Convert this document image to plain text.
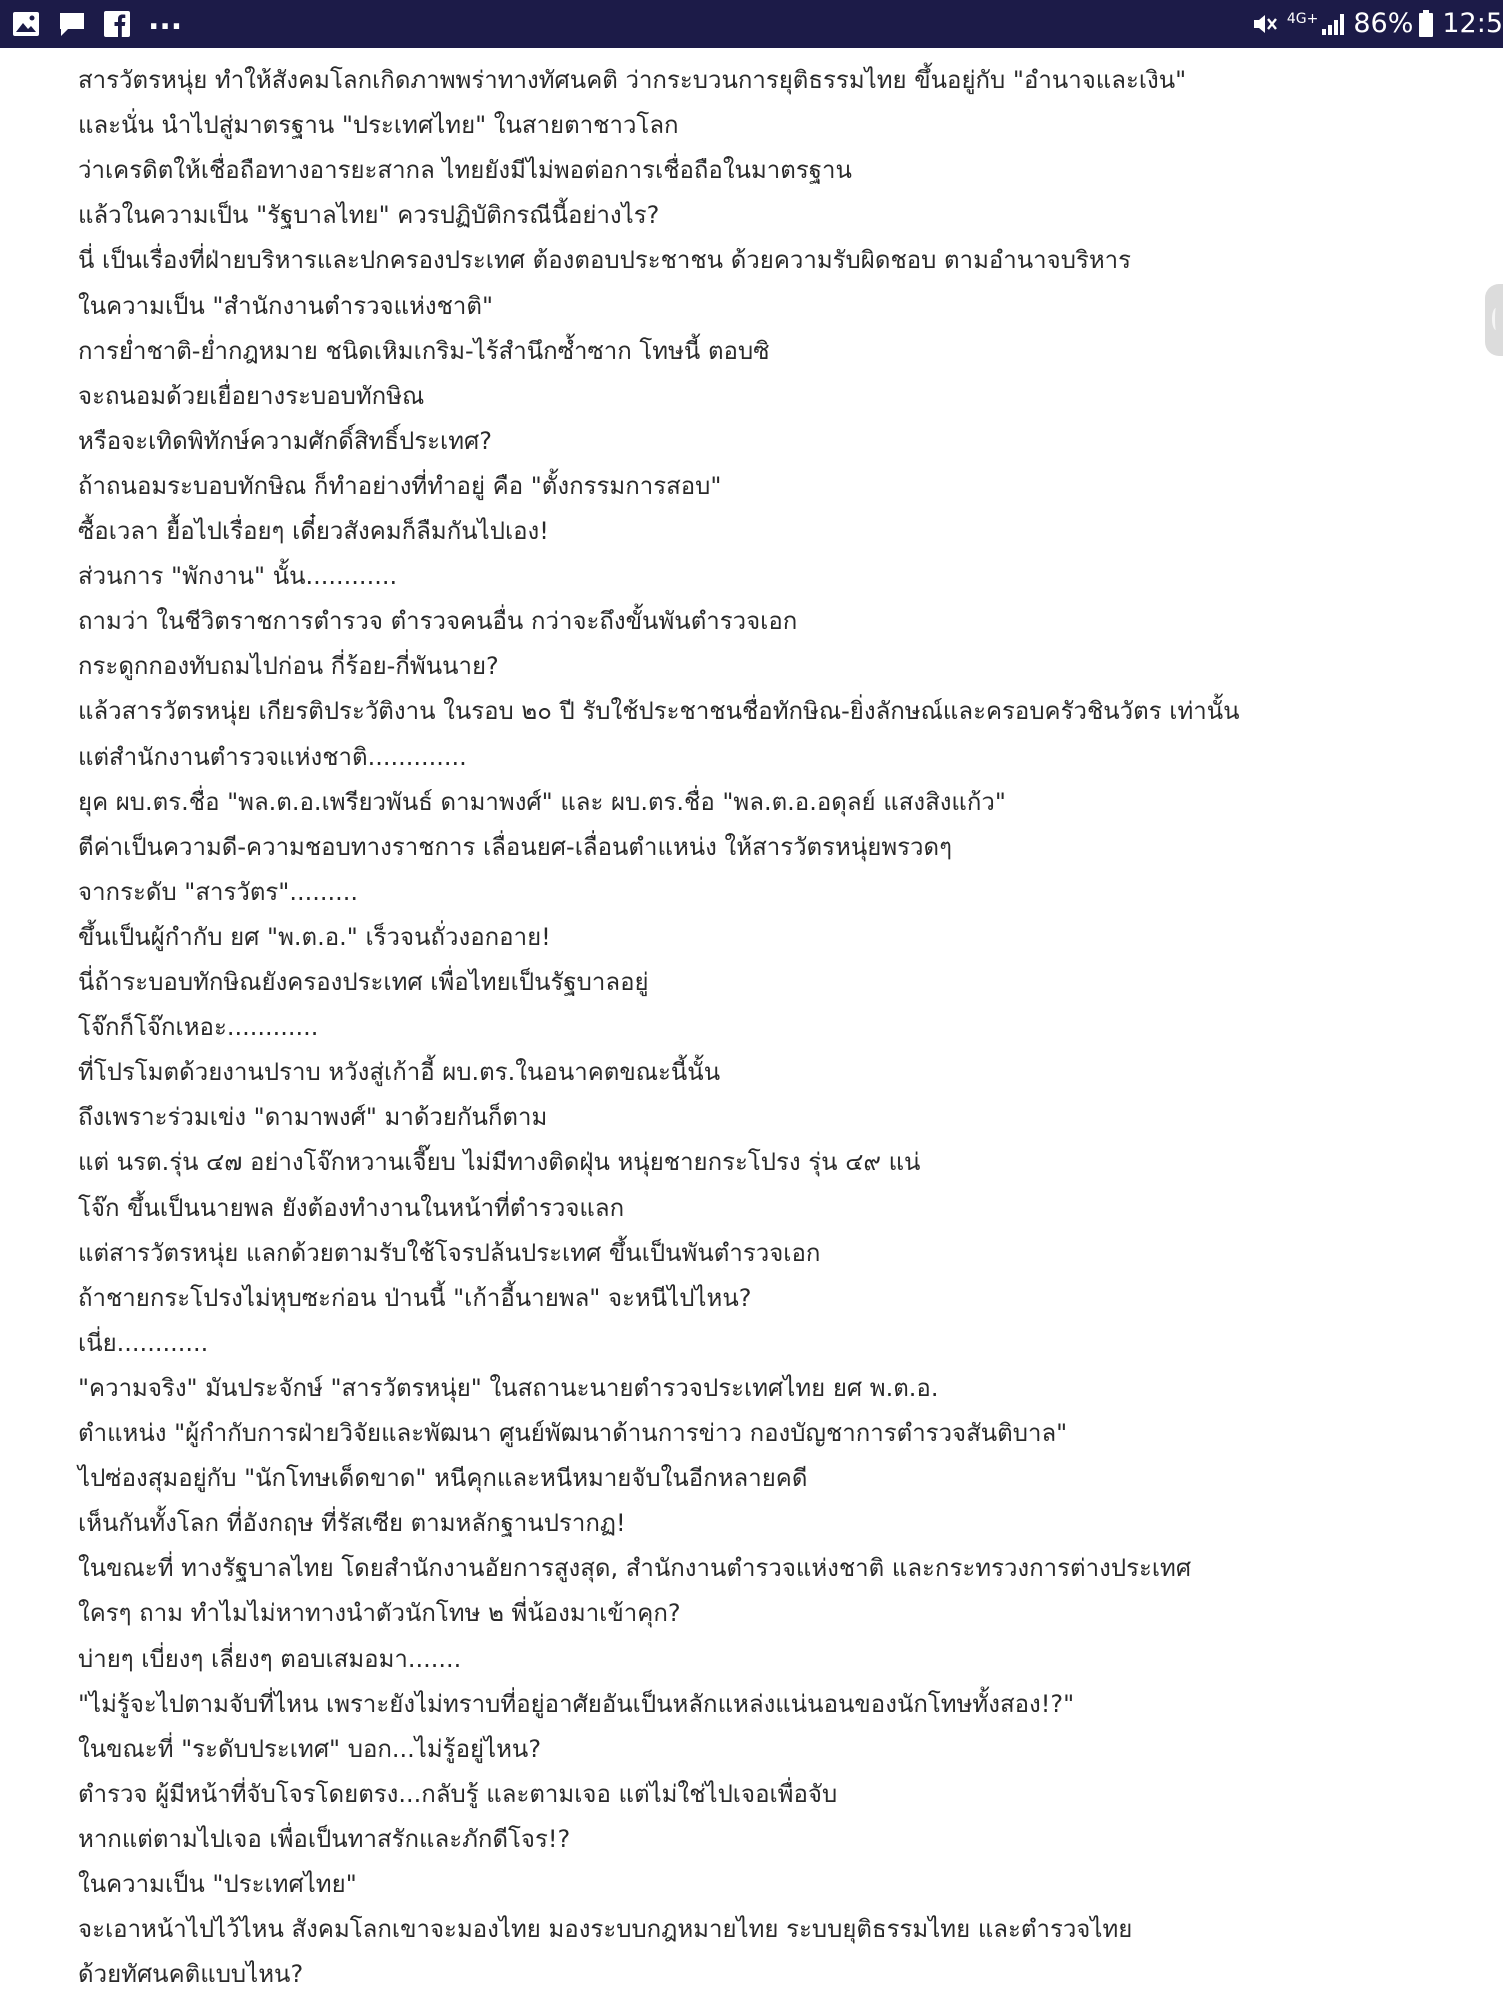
...	4G+ 86% 12:5
สารวัตรหนุ่ย ทำให้สังคมโลกเกิดภาพพร่าทางทัศนคติ ว่ากระบวนการยุติธรรมไทย ขึ้นอยู่กับ "อำนาจและเงิน"
และนั่น นำไปสู่มาตรฐาน "ประเทศไทย" ในสายตาชาวโลก
ว่าเครดิตให้เชื่อถือทางอารยะสากล ไทยยังมีไม่พอต่อการเชื่อถือในมาตรฐาน
แล้วในความเป็น "รัฐบาลไทย" ควรปฏิบัติกรณีนี้อย่างไร?
นี่ เป็นเรื่องที่ฝ่ายบริหารและปกครองประเทศ ต้องตอบประชาชน ด้วยความรับผิดชอบ ตามอำนาจบริหาร
ในความเป็น "สำนักงานตำรวจแห่งชาติ"
การย่ำชาติ-ย่ำกฎหมาย ชนิดเหิมเกริม-ไร้สำนึกซ้ำซาก โทษนี้ ตอบซิ
จะถนอมด้วยเยื่อยางระบอบทักษิณ
หรือจะเทิดพิทักษ์ความศักดิ์สิทธิ์ประเทศ?
ถ้าถนอมระบอบทักษิณ ก็ทำอย่างที่ทำอยู่ คือ "ตั้งกรรมการสอบ"
ซื้อเวลา ยื้อไปเรื่อยๆ เดี๋ยวสังคมก็ลืมกันไปเอง!
ส่วนการ "พักงาน" นั้น............
ถามว่า ในชีวิตราชการตำรวจ ตำรวจคนอื่น กว่าจะถึงขั้นพันตำรวจเอก
กระดูกกองทับถมไปก่อน กี่ร้อย-กี่พันนาย?
แล้วสารวัตรหนุ่ย เกียรติประวัติงาน ในรอบ ๒๐ ปี รับใช้ประชาชนชื่อทักษิณ-ยิ่งลักษณ์และครอบครัวชินวัตร เท่านั้น
แต่สำนักงานตำรวจแห่งชาติ.............
ยุค ผบ.ตร.ชื่อ "พล.ต.อ.เพรียวพันธ์ ดามาพงศ์" และ ผบ.ตร.ชื่อ "พล.ต.อ.อดุลย์ แสงสิงแก้ว"
ตีค่าเป็นความดี-ความชอบทางราชการ เลื่อนยศ-เลื่อนตำแหน่ง ให้สารวัตรหนุ่ยพรวดๆ
จากระดับ "สารวัตร".........
ขึ้นเป็นผู้กำกับ ยศ "พ.ต.อ." เร็วจนถั่วงอกอาย!
นี่ถ้าระบอบทักษิณยังครองประเทศ เพื่อไทยเป็นรัฐบาลอยู่
โจ๊กก็โจ๊กเหอะ............
ที่โปรโมตด้วยงานปราบ หวังสู่เก้าอี้ ผบ.ตร.ในอนาคตขณะนี้นั้น
ถึงเพราะร่วมเข่ง "ดามาพงศ์" มาด้วยกันก็ตาม
แต่ นรต.รุ่น ๔๗ อย่างโจ๊กหวานเจี๊ยบ ไม่มีทางติดฝุ่น หนุ่ยชายกระโปรง รุ่น ๔๙ แน่
โจ๊ก ขึ้นเป็นนายพล ยังต้องทำงานในหน้าที่ตำรวจแลก
แต่สารวัตรหนุ่ย แลกด้วยตามรับใช้โจรปล้นประเทศ ขึ้นเป็นพันตำรวจเอก
ถ้าชายกระโปรงไม่หุบซะก่อน ป่านนี้ "เก้าอี้นายพล" จะหนีไปไหน?
เนี่ย............
"ความจริง" มันประจักษ์ "สารวัตรหนุ่ย" ในสถานะนายตำรวจประเทศไทย ยศ พ.ต.อ.
ตำแหน่ง "ผู้กำกับการฝ่ายวิจัยและพัฒนา ศูนย์พัฒนาด้านการข่าว กองบัญชาการตำรวจสันติบาล"
ไปซ่องสุมอยู่กับ "นักโทษเด็ดขาด" หนีคุกและหนีหมายจับในอีกหลายคดี
เห็นกันทั้งโลก ที่อังกฤษ ที่รัสเซีย ตามหลักฐานปรากฏ!
ในขณะที่ ทางรัฐบาลไทย โดยสำนักงานอัยการสูงสุด, สำนักงานตำรวจแห่งชาติ และกระทรวงการต่างประเทศ
ใครๆ ถาม ทำไมไม่หาทางนำตัวนักโทษ ๒ พี่น้องมาเข้าคุก?
บ่ายๆ เบี่ยงๆ เลี่ยงๆ ตอบเสมอมา.......
"ไม่รู้จะไปตามจับที่ไหน เพราะยังไม่ทราบที่อยู่อาศัยอันเป็นหลักแหล่งแน่นอนของนักโทษทั้งสอง!?"
ในขณะที่ "ระดับประเทศ" บอก...ไม่รู้อยู่ไหน?
ตำรวจ ผู้มีหน้าที่จับโจรโดยตรง...กลับรู้ และตามเจอ แต่ไม่ใช่ไปเจอเพื่อจับ
หากแต่ตามไปเจอ เพื่อเป็นทาสรักและภักดีโจร!?
ในความเป็น "ประเทศไทย"
จะเอาหน้าไปไว้ไหน สังคมโลกเขาจะมองไทย มองระบบกฎหมายไทย ระบบยุติธรรมไทย และตำรวจไทย
ด้วยทัศนคติแบบไหน?
